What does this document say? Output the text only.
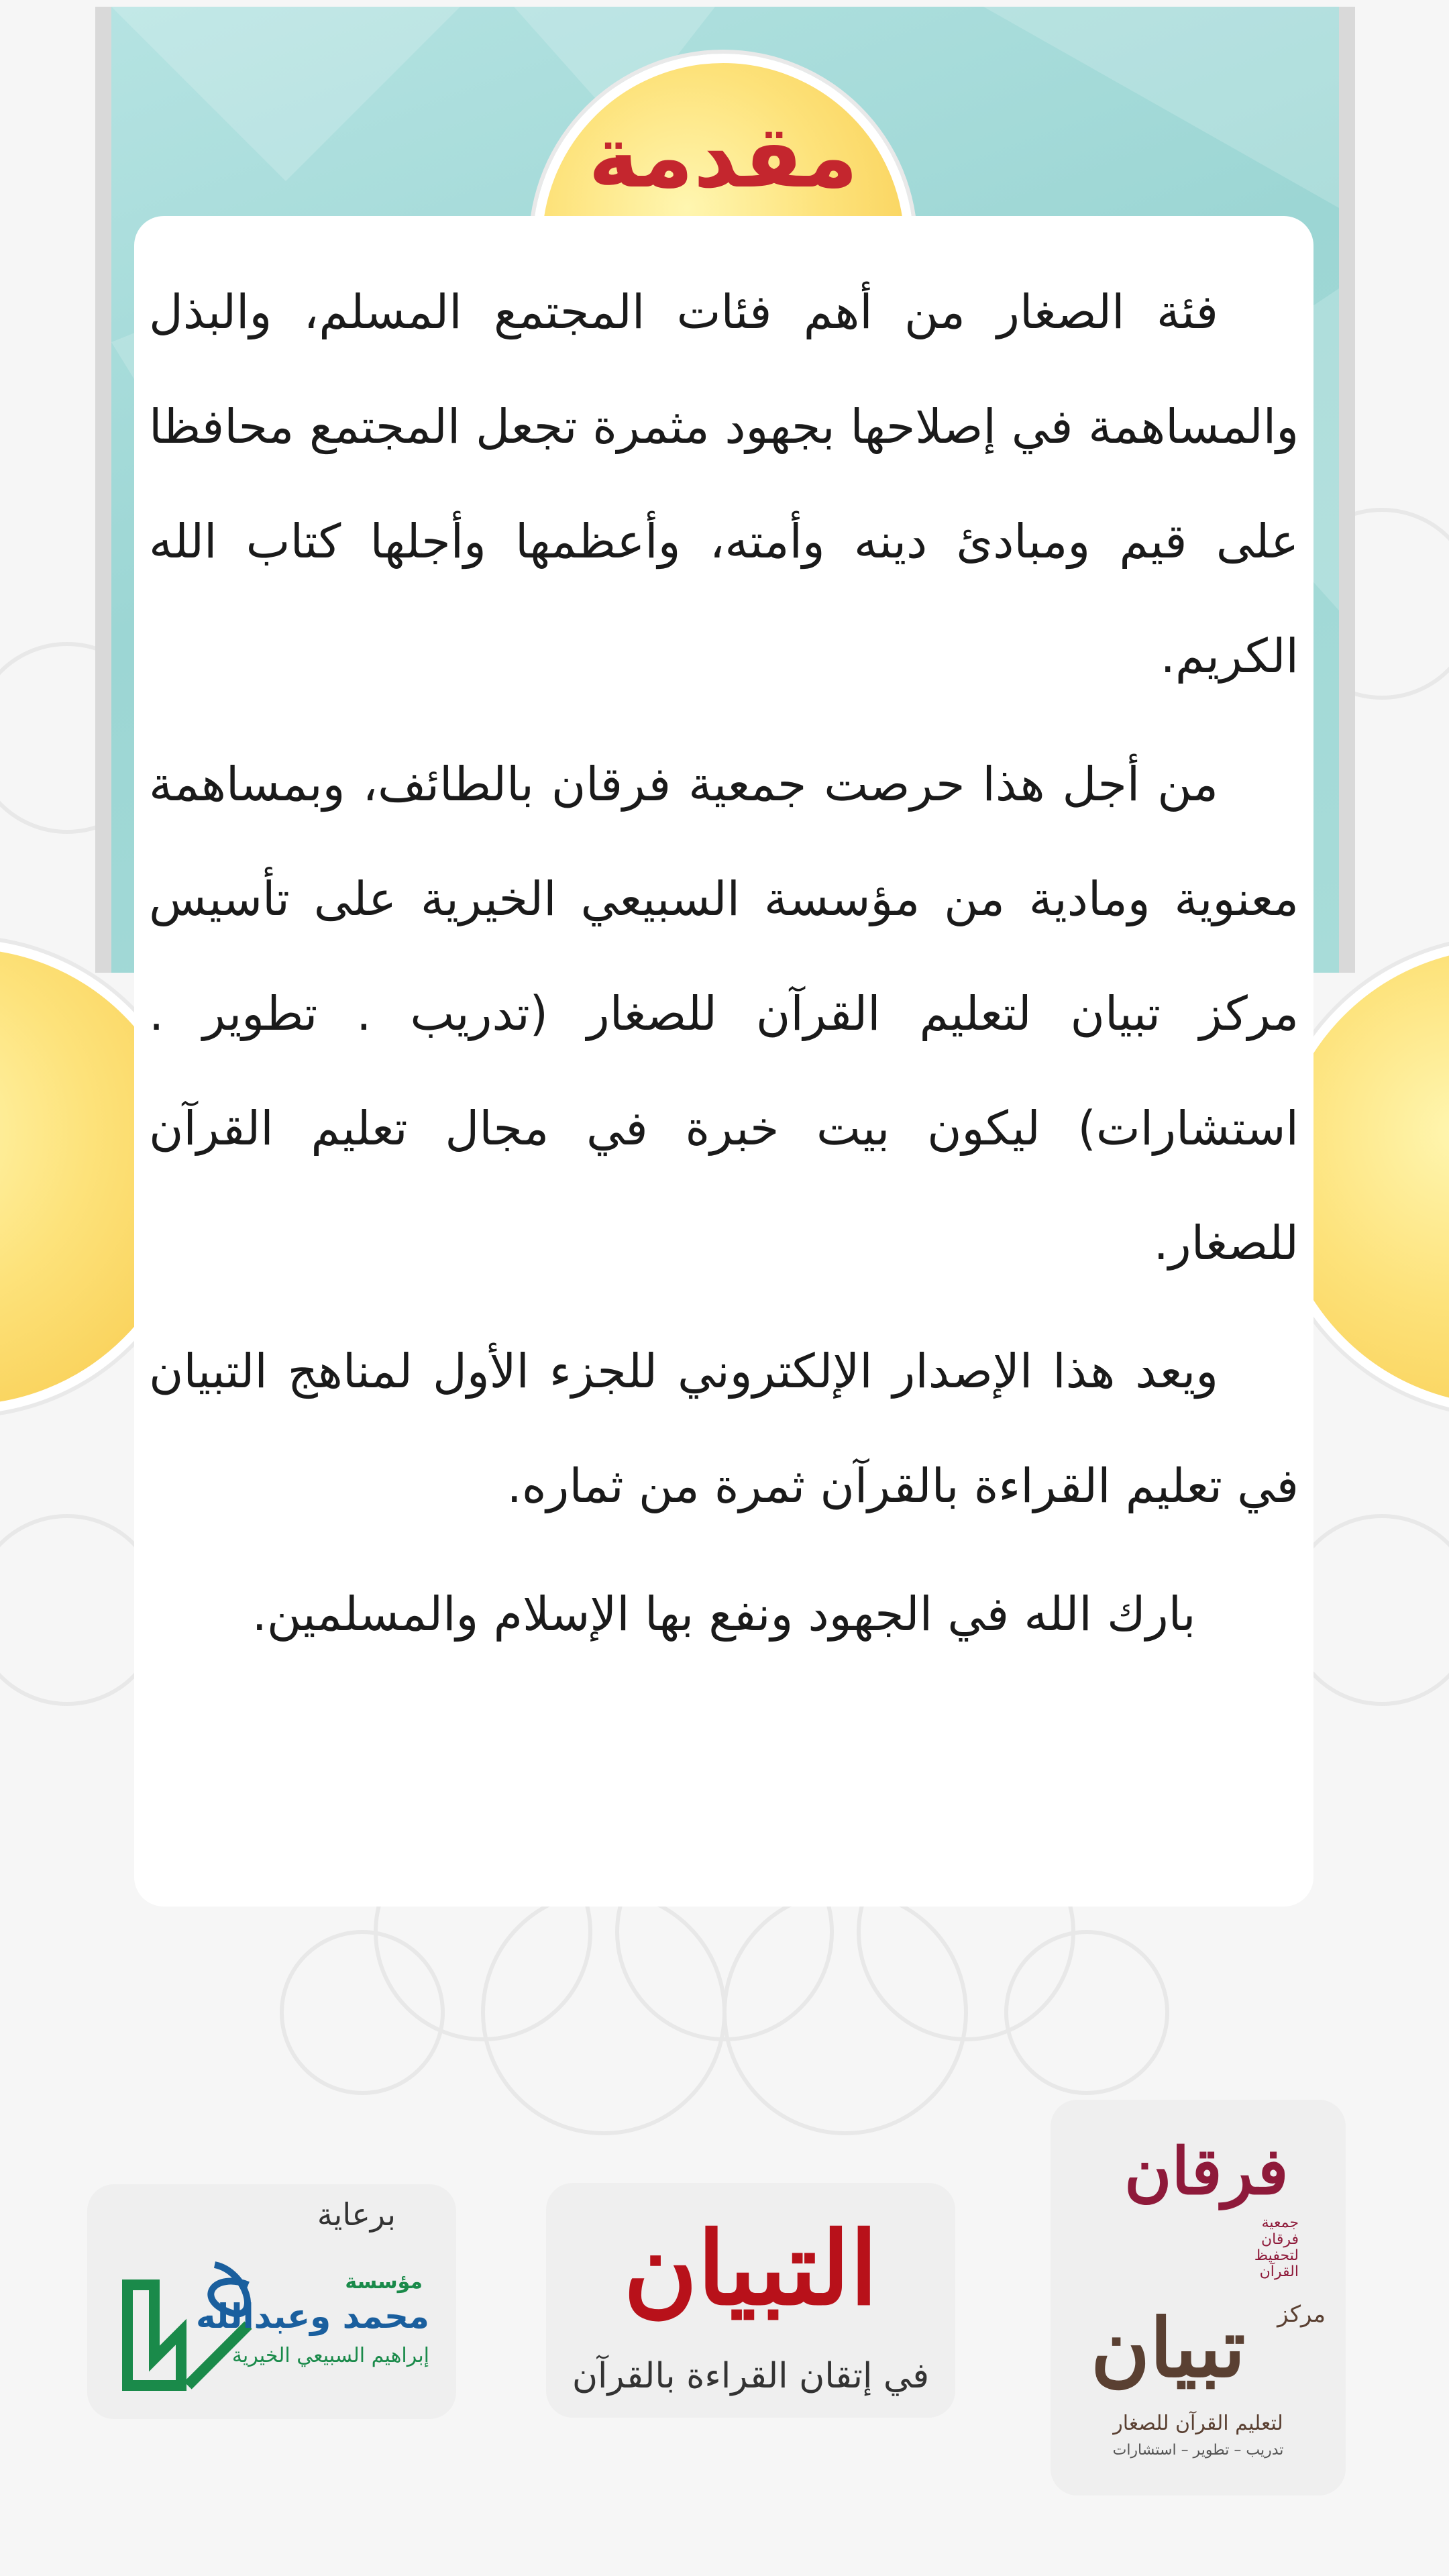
مقدمة

فئة الصغار من أهم فئات المجتمع المسلم، والبذل والمساهمة في إصلاحها بجهود مثمرة تجعل المجتمع محافظا على قيم ومبادئ دينه وأمته، وأعظمها وأجلها كتاب الله الكريم.

من أجل هذا حرصت جمعية فرقان بالطائف، وبمساهمة معنوية ومادية من مؤسسة السبيعي الخيرية على تأسيس مركز تبيان لتعليم القرآن للصغار (تدريب . تطوير . استشارات) ليكون بيت خبرة في مجال تعليم القرآن للصغار.

ويعد هذا الإصدار الإلكتروني للجزء الأول لمناهج التبيان في تعليم القراءة بالقرآن ثمرة من ثماره.

بارك الله في الجهود ونفع بها الإسلام والمسلمين.

برعاية
مؤسسة
محمد وعبدالله
إبراهيم السبيعي الخيرية
التبيان
في إتقان القراءة بالقرآن
فرقان
جمعية
فرقان
لتحفيظ
القرآن
مركز
تبيان
لتعليم القرآن للصغار
تدريب – تطوير – استشارات
